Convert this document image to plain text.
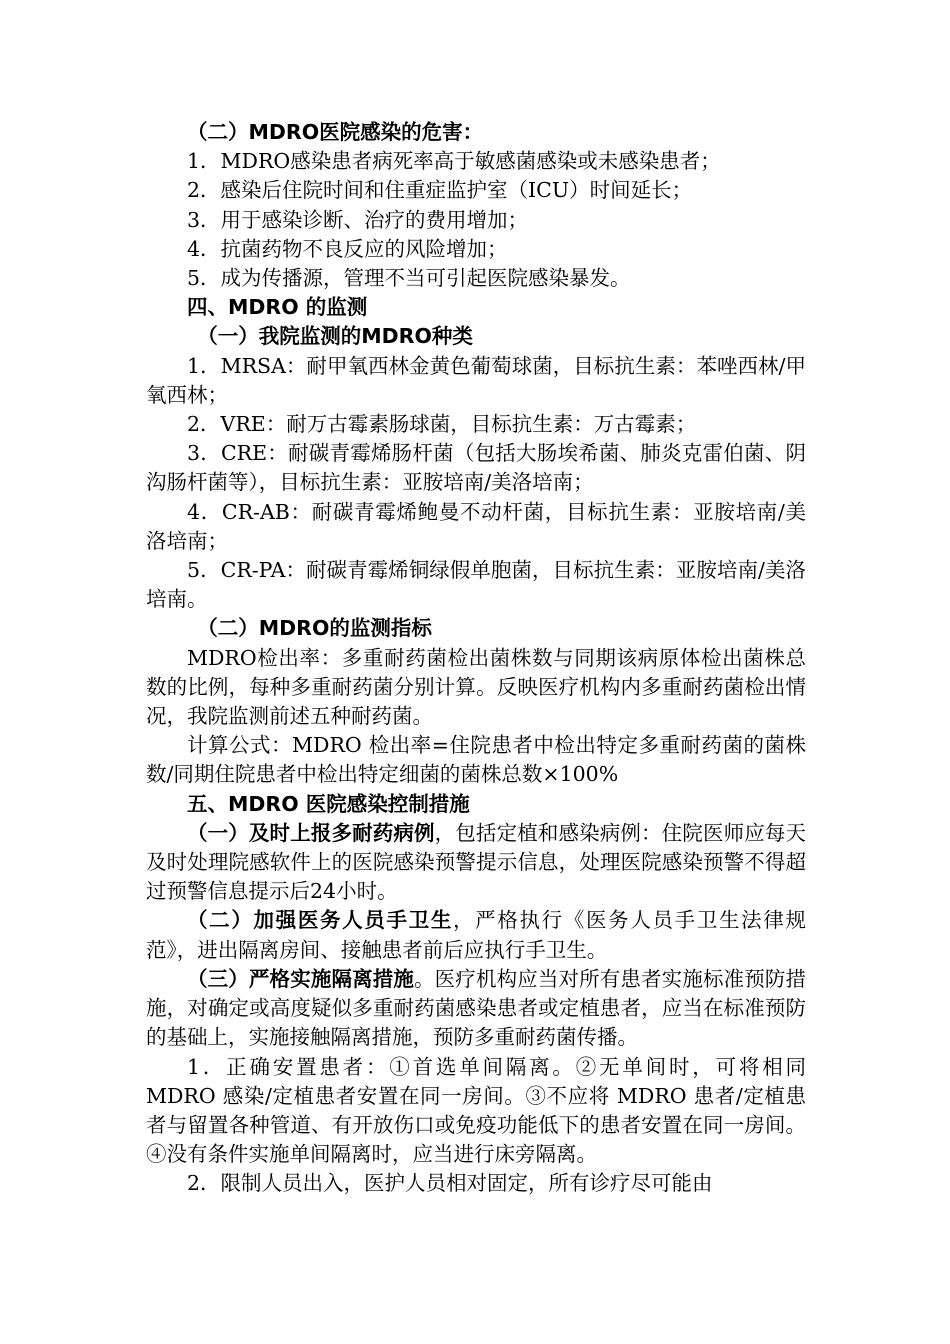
（二）MDRO医院感染的危害：

1．MDRO感染患者病死率高于敏感菌感染或未感染患者；

2．感染后住院时间和住重症监护室（ICU）时间延长；

3．用于感染诊断、治疗的费用增加；

4．抗菌药物不良反应的风险增加；

5．成为传播源，管理不当可引起医院感染暴发。

四、MDRO 的监测

（一）我院监测的MDRO种类

1．MRSA：耐甲氧西林金黄色葡萄球菌，目标抗生素：苯唑西林/甲氧西林；

2．VRE：耐万古霉素肠球菌，目标抗生素：万古霉素；

3．CRE：耐碳青霉烯肠杆菌（包括大肠埃希菌、肺炎克雷伯菌、阴沟肠杆菌等），目标抗生素：亚胺培南/美洛培南；

4．CR-AB：耐碳青霉烯鲍曼不动杆菌，目标抗生素：亚胺培南/美洛培南；

5．CR-PA：耐碳青霉烯铜绿假单胞菌，目标抗生素：亚胺培南/美洛培南。

（二）MDRO的监测指标

MDRO检出率：多重耐药菌检出菌株数与同期该病原体检出菌株总数的比例，每种多重耐药菌分别计算。反映医疗机构内多重耐药菌检出情况，我院监测前述五种耐药菌。

计算公式：MDRO 检出率=住院患者中检出特定多重耐药菌的菌株数/同期住院患者中检出特定细菌的菌株总数×100%

五、MDRO 医院感染控制措施

（一）及时上报多耐药病例，包括定植和感染病例：住院医师应每天及时处理院感软件上的医院感染预警提示信息，处理医院感染预警不得超过预警信息提示后24小时。

（二）加强医务人员手卫生，严格执行《医务人员手卫生法律规范》，进出隔离房间、接触患者前后应执行手卫生。

（三）严格实施隔离措施。医疗机构应当对所有患者实施标准预防措施，对确定或高度疑似多重耐药菌感染患者或定植患者，应当在标准预防的基础上，实施接触隔离措施，预防多重耐药菌传播。

1．正确安置患者：①首选单间隔离。②无单间时，可将相同 MDRO 感染/定植患者安置在同一房间。③不应将 MDRO 患者/定植患者与留置各种管道、有开放伤口或免疫功能低下的患者安置在同一房间。④没有条件实施单间隔离时，应当进行床旁隔离。

2．限制人员出入，医护人员相对固定，所有诊疗尽可能由
